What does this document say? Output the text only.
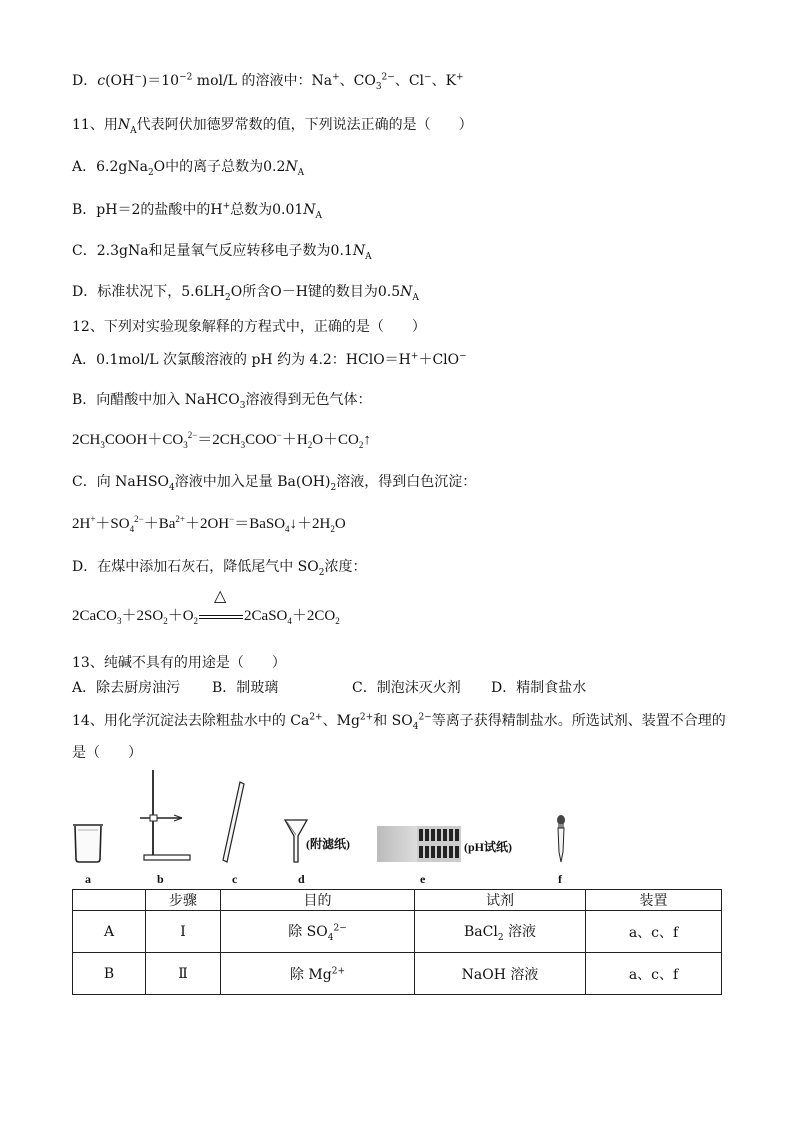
D．$c(OH^-)=10^{-2}$ mol/L 的溶液中：Na+、$CO_3^{2-}$、Cl−、K+
11、用$N_A$代表阿伏加德罗常数的值，下列说法正确的是（　　）
A．6.2gNa$_2$O中的离子总数为$0.2N_A$
B．pH＝2的盐酸中的H+总数为$0.01N_A$
C．2.3gNa和足量氧气反应转移电子数为$0.1N_A$
D．标准状况下，$5.6LH_2O$所含O－H键的数目为$0.5N_A$
12、下列对实验现象解释的方程式中，正确的是（　　）
A．0.1mol/L 次氯酸溶液的 pH 约为 4.2：HClO＝H+＋ClO−
B．向醋酸中加入 NaHCO$_3$溶液得到无色气体：
$2CH_3COOH+CO_3^{2-}=2CH_3COO^-+H_2O+CO_2↑$
C．向 NaHSO$_4$溶液中加入足量 $Ba(OH)_2$溶液，得到白色沉淀：
$2H^++SO_4^{2-}+Ba^{2+}+2OH^-=BaSO_4↓+2H_2O$
D．在煤中添加石灰石，降低尾气中 $SO_2$浓度：
$2CaCO_3+2SO_2+O_2$
△
$2CaSO_4+2CO_2$
13、纯碱不具有的用途是（　　）
A．除去厨房油污 B．制玻璃	C．制泡沫灭火剂 D．精制食盐水
14、用化学沉淀法去除粗盐水中的 $Ca^{2+}$、$Mg^{2+}$和 $SO_4^{2-}$等离子获得精制盐水。所选试剂、装置不合理的
是（　　）
a	b	c
(附滤纸)
d
(pH试纸)
e	f
	步骤	目的	试剂	装置
A	Ⅰ	除 $SO_4^{2-}$	BaCl$_2$ 溶液	a、c、f
B	Ⅱ	除 $Mg^{2+}$	NaOH 溶液	a、c、f
